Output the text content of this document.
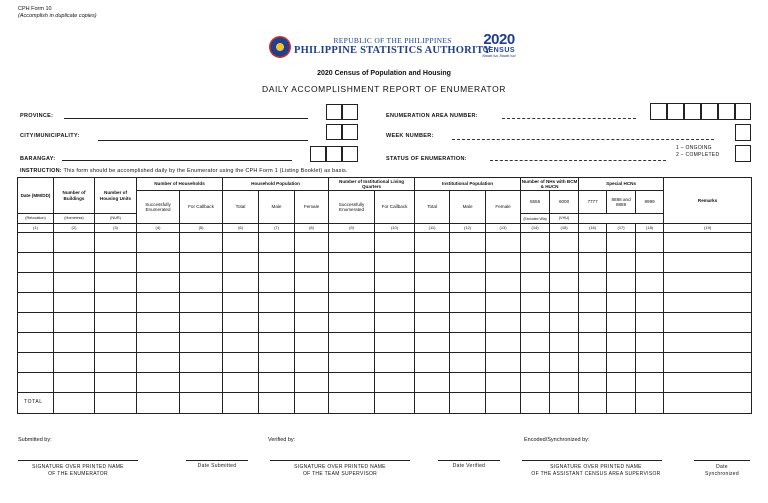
CPH Form 10
(Accomplish in duplicate copies)
REPUBLIC OF THE PHILIPPINES
PHILIPPINE STATISTICS AUTHORITY
2020
CENSUS
Bawat isa, Bawat isa!
2020 Census of Population and Housing
DAILY ACCOMPLISHMENT REPORT OF ENUMERATOR
PROVINCE:
CITY/MUNICIPALITY:
BARANGAY:
ENUMERATION AREA NUMBER:
WEEK NUMBER:
STATUS OF ENUMERATION:
1 – ONGOING
2 – COMPLETED
INSTRUCTION: This form should be accomplished daily by the Enumerator using the CPH Form 1 (Listing Booklet) as basis.
Date (MM/DD)	Number of Buildings	Number of Housing Units	Number of Households		Household Population			Number of Institutional Living Quarters		Institutional Population			Number of NHs with BCM & HUCN		Special HCNs			Remarks
			Successfully Enumerated	For Callback	Total	Male	Female	Successfully Enumerated	For Callback	Total	Male	Female	5555	6000	7777	8888 and 8889	9999	
(Relocation)	(Homeless)	(NUR)											(Excluded Villa)	(VHU)				
(1)	(2)	(3)	(4)	(5)	(6)	(7)	(8)	(9)	(10)	(11)	(12)	(13)	(14)	(15)	(16)	(17)	(18)	(19)

TOTAL																		
Submitted by:	Verified by:	Encoded/Synchronized by:
SIGNATURE OVER PRINTED NAME
OF THE ENUMERATOR
Date Submitted	SIGNATURE OVER PRINTED NAME
OF THE TEAM SUPERVISOR
Date Verified	SIGNATURE OVER PRINTED NAME
OF THE ASSISTANT CENSUS AREA SUPERVISOR
Date
Synchronized
